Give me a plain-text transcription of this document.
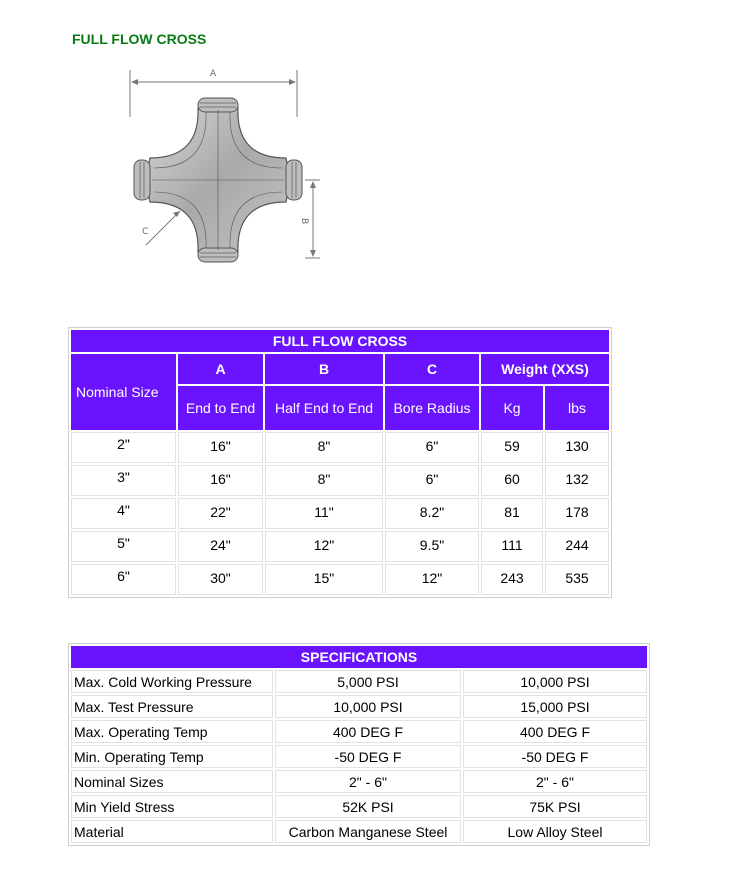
FULL FLOW CROSS
A
B
C
FULL FLOW CROSS					
Nominal Size	A	B	C	Weight (XXS)	
	End to End	Half End to End	Bore Radius	Kg	lbs
2"	16"	8"	6"	59	130
3"	16"	8"	6"	60	132
4"	22"	11"	8.2"	81	178
5"	24"	12"	9.5"	111	244
6"	30"	15"	12"	243	535
SPECIFICATIONS		
Max. Cold Working Pressure	5,000 PSI	10,000 PSI
Max. Test Pressure	10,000 PSI	15,000 PSI
Max. Operating Temp	400 DEG F	400 DEG F
Min. Operating Temp	-50 DEG F	-50 DEG F
Nominal Sizes	2" - 6"	2" - 6"
Min Yield Stress	52K PSI	75K PSI
Material	Carbon Manganese Steel	Low Alloy Steel
